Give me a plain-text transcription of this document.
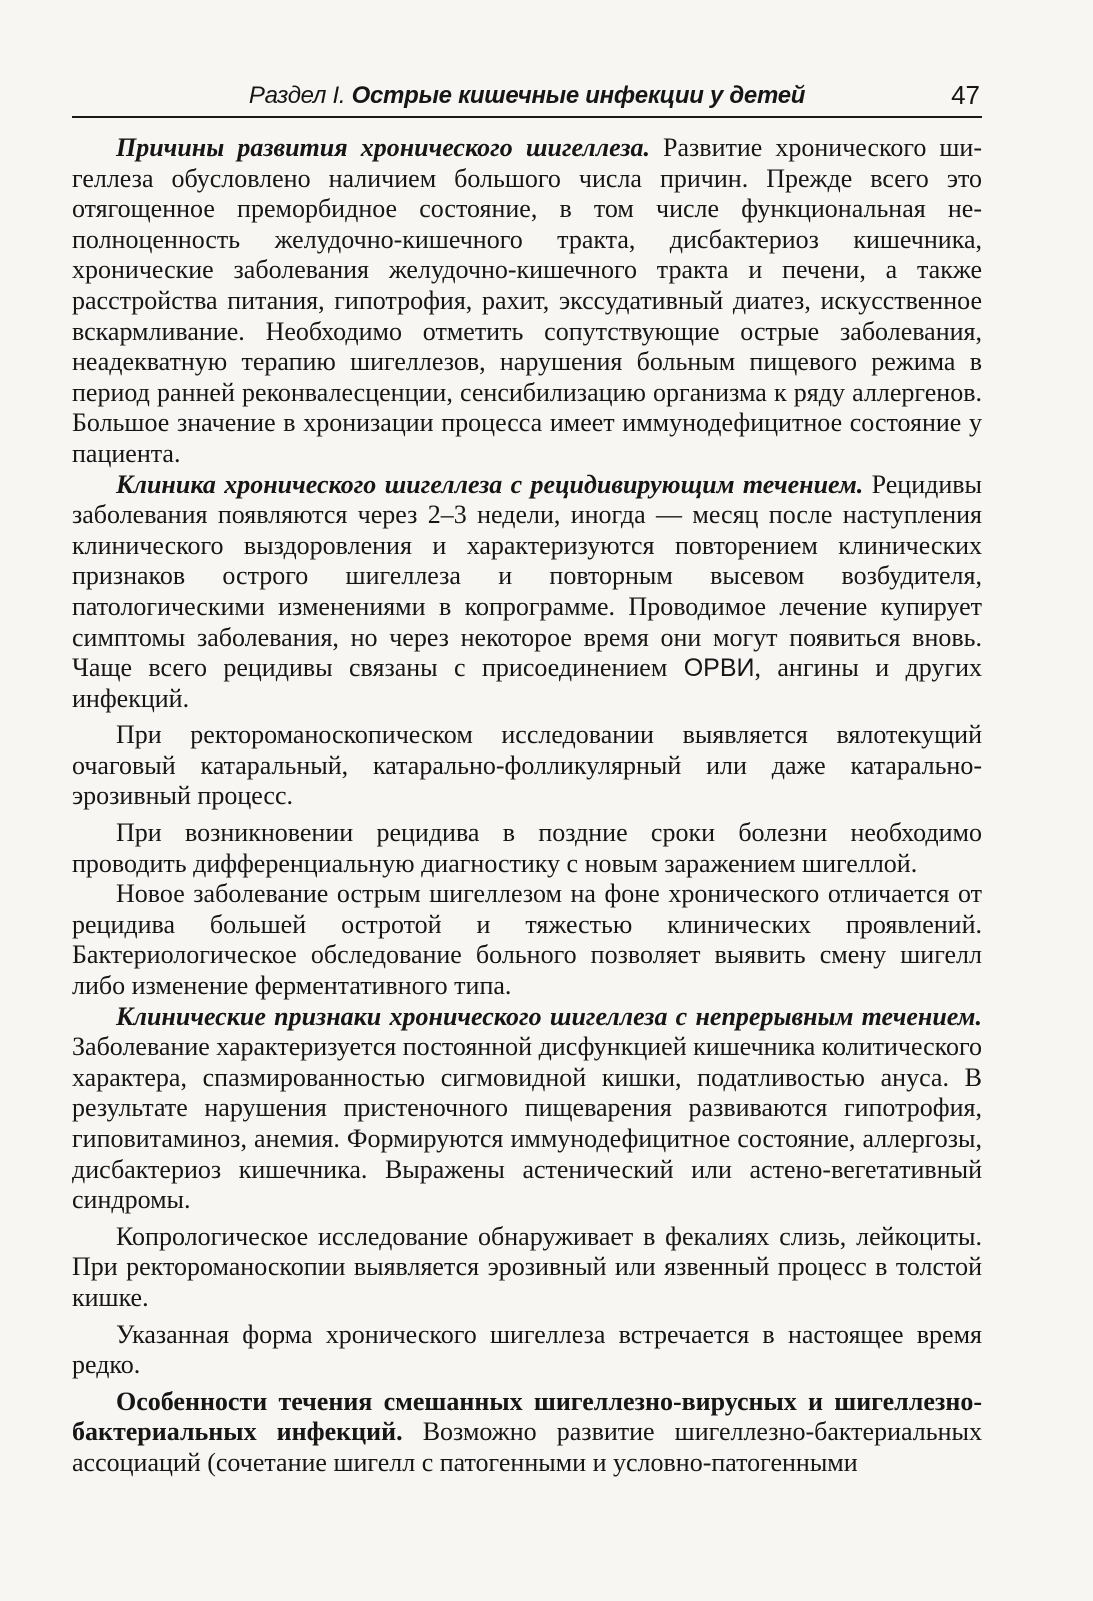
Раздел I. Острые кишечные инфекции у детей	47

Причины развития хронического шигеллеза. Развитие хронического шигеллеза обусловлено наличием большого числа причин. Прежде всего это отягощенное преморбидное состояние, в том числе функциональная неполноценность желудочно-кишечного тракта, дисбактериоз кишечника, хронические заболевания желудочно-кишечного тракта и печени, а также расстройства питания, гипотрофия, рахит, экссудативный диатез, искусственное вскармливание. Необходимо отметить сопутствующие острые заболевания, неадекватную терапию шигеллезов, нарушения больным пищевого режима в период ранней реконвалесценции, сенсибилизацию организма к ряду аллергенов. Большое значение в хронизации процесса имеет иммунодефицитное состояние у пациента.

Клиника хронического шигеллеза с рецидивирующим течением. Рецидивы заболевания появляются через 2–3 недели, иногда — месяц после наступления клинического выздоровления и характеризуются повторением клинических признаков острого шигеллеза и повторным высевом возбудителя, патологическими изменениями в копрограмме. Проводимое лечение купирует симптомы заболевания, но через некоторое время они могут появиться вновь. Чаще всего рецидивы связаны с присоединением ОРВИ, ангины и других инфекций.

При ректороманоскопическом исследовании выявляется вялотекущий очаговый катаральный, катарально-фолликулярный или даже катарально-эрозивный процесс.

При возникновении рецидива в поздние сроки болезни необходимо проводить дифференциальную диагностику с новым заражением шигеллой.

Новое заболевание острым шигеллезом на фоне хронического отличается от рецидива большей остротой и тяжестью клинических проявлений. Бактериологическое обследование больного позволяет выявить смену шигелл либо изменение ферментативного типа.

Клинические признаки хронического шигеллеза с непрерывным течением. Заболевание характеризуется постоянной дисфункцией кишечника колитического характера, спазмированностью сигмовидной кишки, податливостью ануса. В результате нарушения пристеночного пищеварения развиваются гипотрофия, гиповитаминоз, анемия. Формируются иммунодефицитное состояние, аллергозы, дисбактериоз кишечника. Выражены астенический или астено-вегетативный синдромы.

Копрологическое исследование обнаруживает в фекалиях слизь, лейкоциты. При ректороманоскопии выявляется эрозивный или язвенный процесс в толстой кишке.

Указанная форма хронического шигеллеза встречается в настоящее время редко.

Особенности течения смешанных шигеллезно-вирусных и шигеллезнобактериальных инфекций. Возможно развитие шигеллезно-бактериальных ассоциаций (сочетание шигелл с патогенными и условно-патогенными
